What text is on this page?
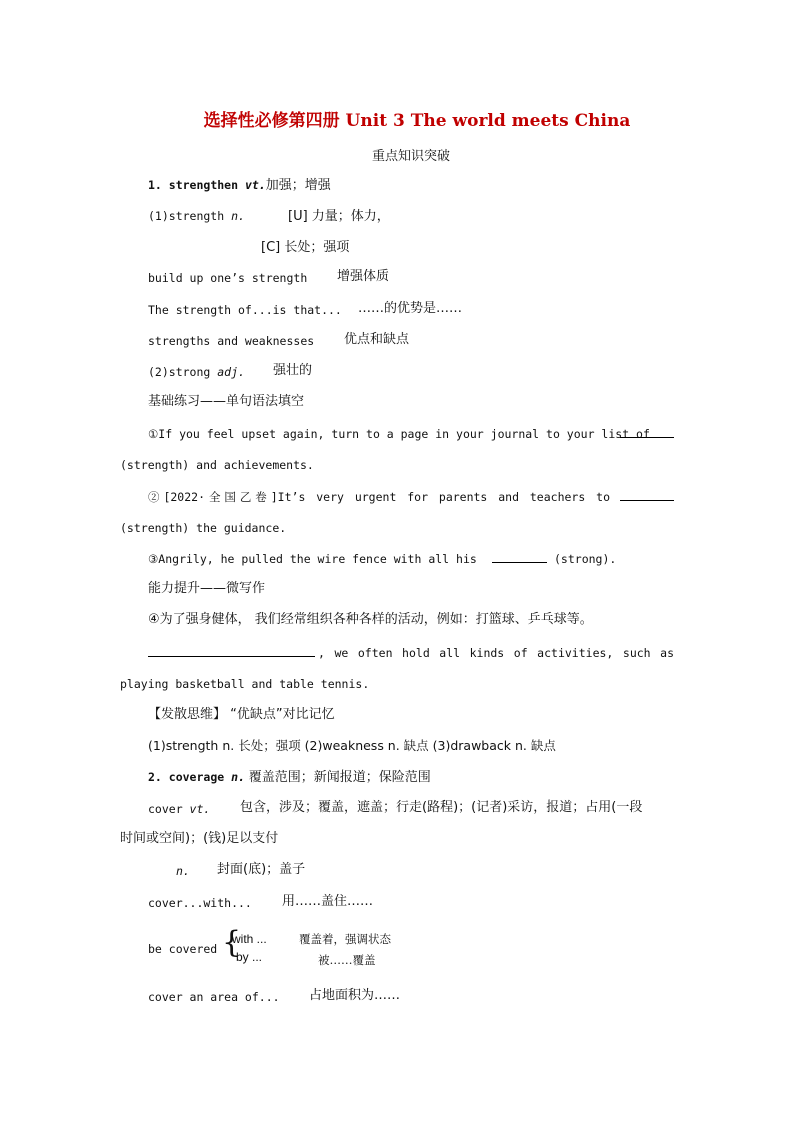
选择性必修第四册 Unit 3 The world meets China
重点知识突破
1. strengthen vt.加强；增强
(1)strength n.	[U] 力量；体力，
[C] 长处；强项
build up one’s strength 增强体质
The strength of...is that... ……的优势是……
strengths and weaknesses 优点和缺点
(2)strong adj. 强壮的
基础练习——单句语法填空
①If you feel upset again, turn to a page in your journal to your list of
(strength) and achievements.
②[2022·全国乙卷]It’s very urgent for parents and teachers to
(strength) the guidance.
③Angrily, he pulled the wire fence with all his	(strong).
能力提升——微写作
④为了强身健体， 我们经常组织各种各样的活动，例如：打篮球、乒乓球等。
, we often hold all kinds of activities, such as
playing basketball and table tennis.
【发散思维】 “优缺点”对比记忆
(1)strength n. 长处；强项 (2)weakness n. 缺点 (3)drawback n. 缺点
2. coverage n. 覆盖范围；新闻报道；保险范围
cover vt. 包含，涉及；覆盖，遮盖；行走(路程)；(记者)采访，报道；占用(一段
时间或空间)；(钱)足以支付
n. 封面(底)；盖子
cover...with... 用……盖住……
be covered {
with ...
by ...
覆盖着，强调状态
被……覆盖
cover an area of... 占地面积为……
